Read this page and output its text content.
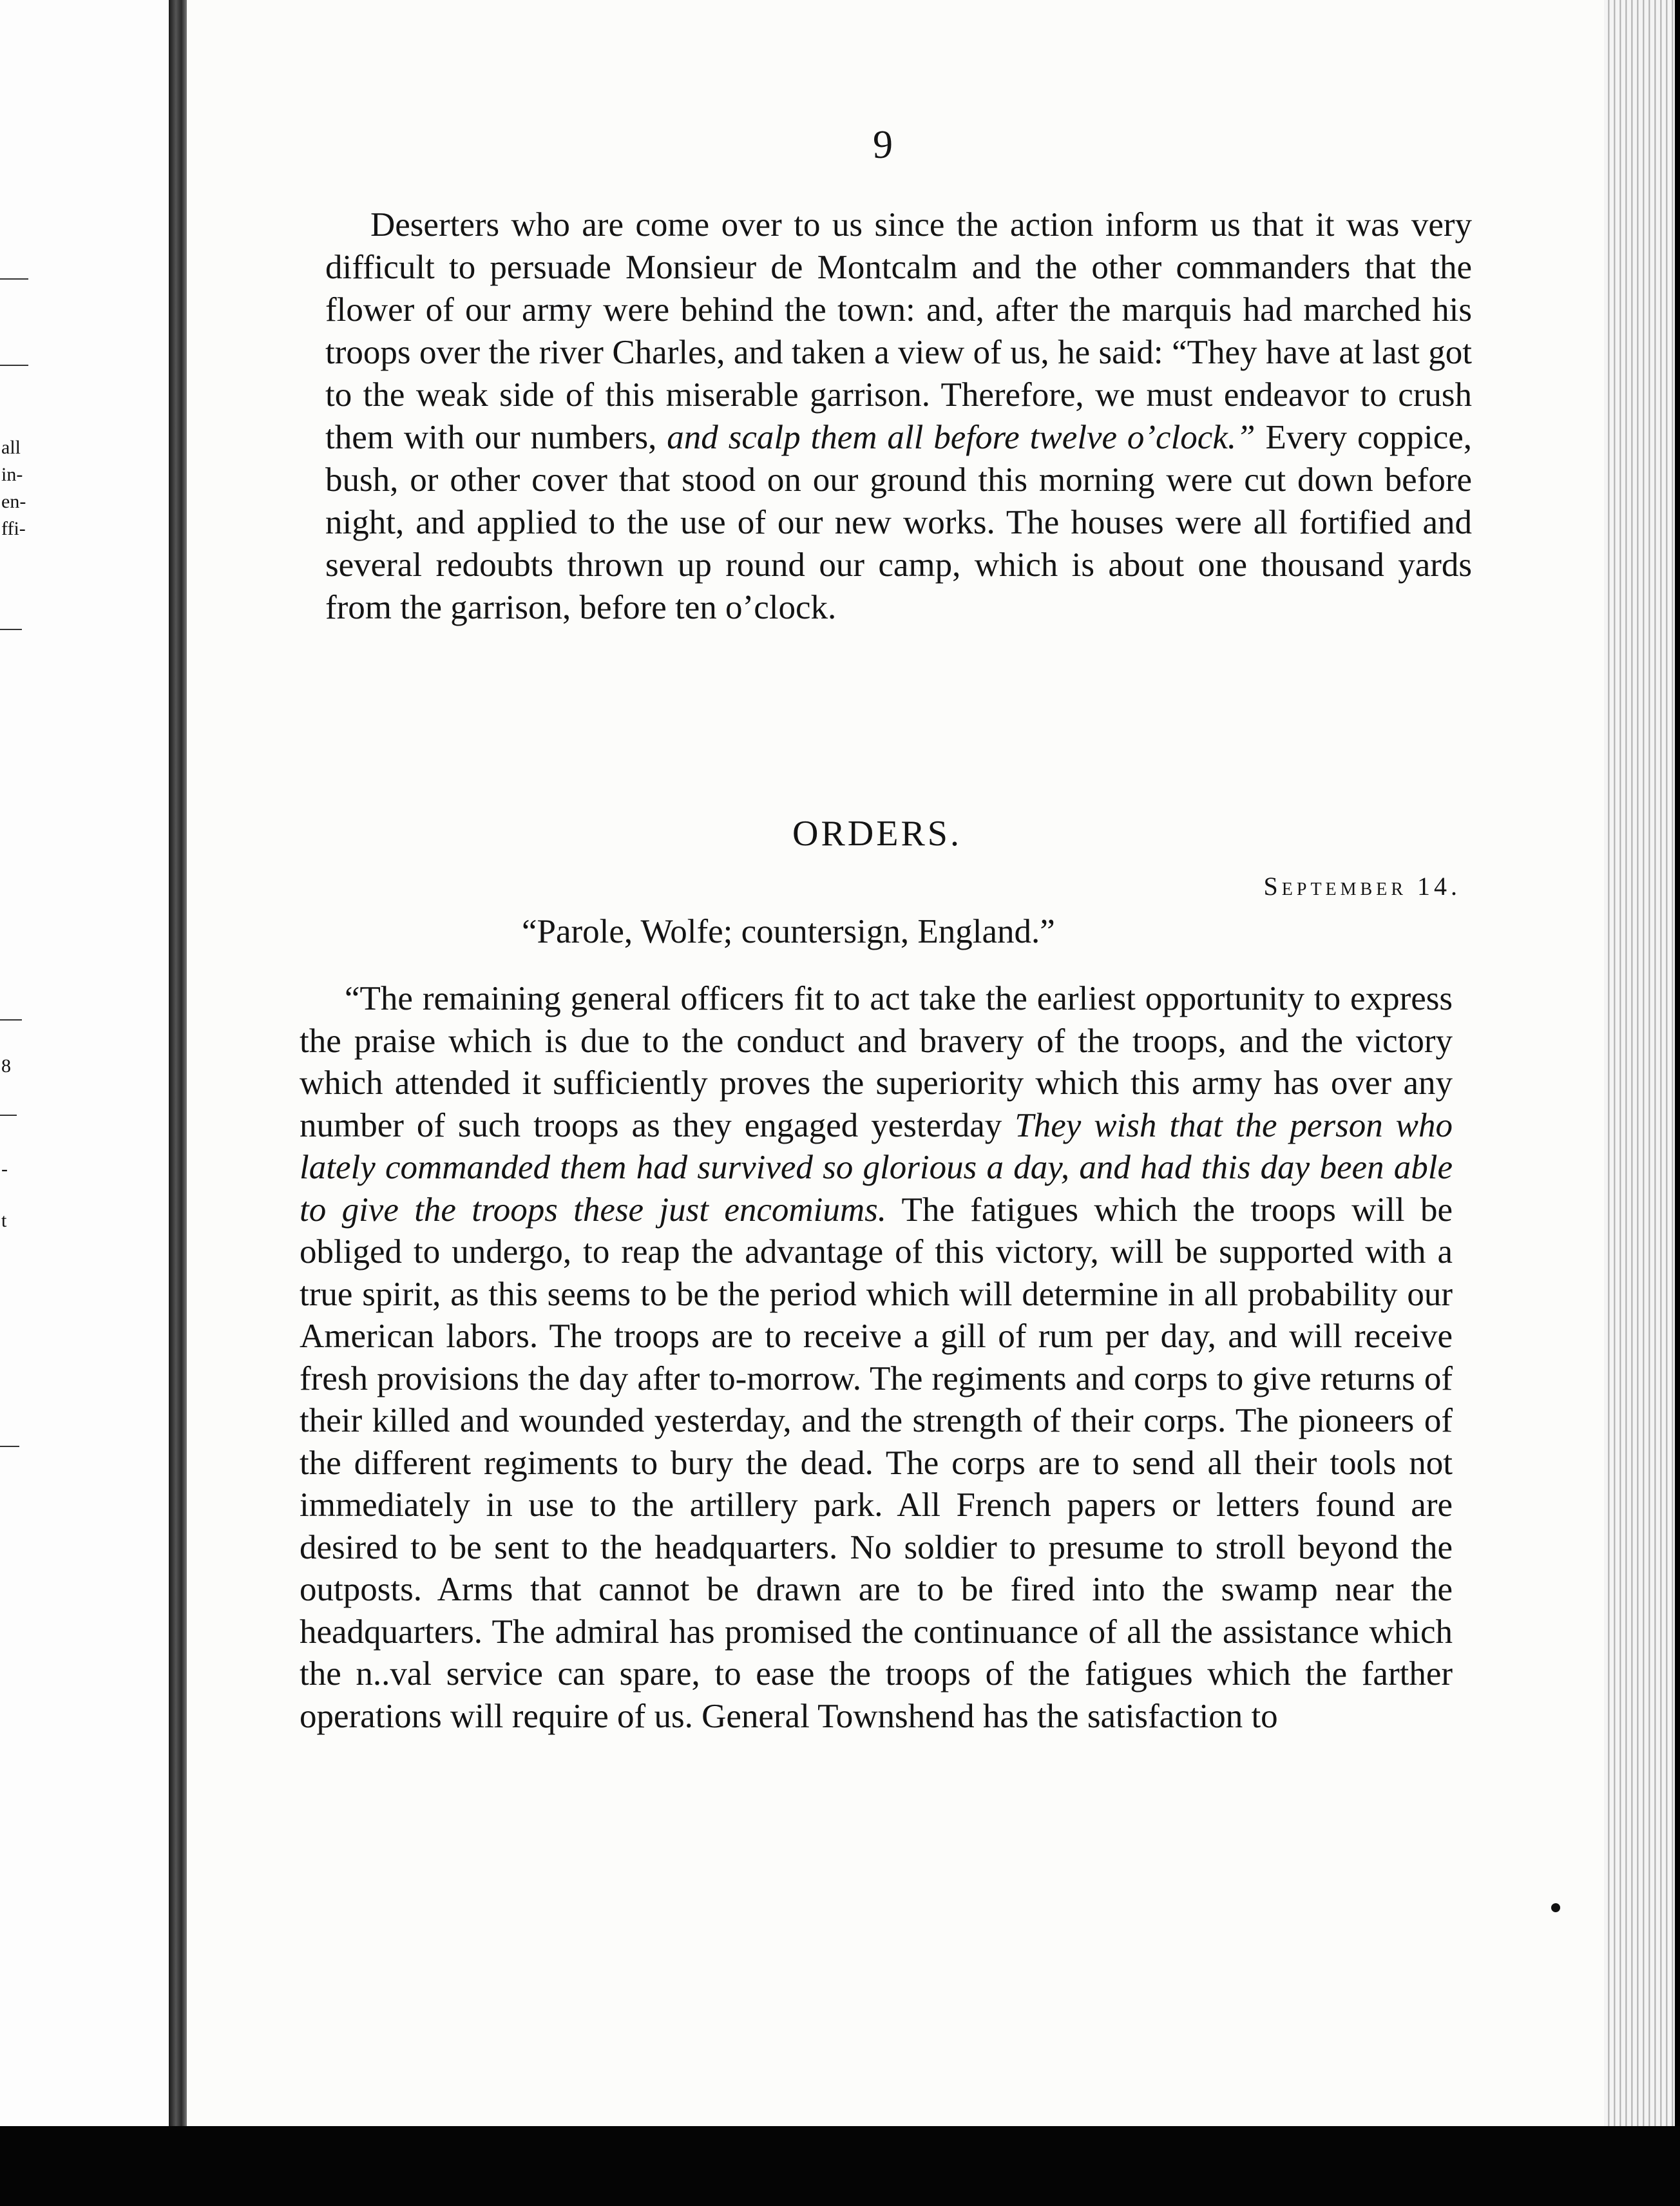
all
in-
en-
ffi-
8
-
t
9
Deserters who are come over to us since the action inform us that it was very difficult to persuade Monsieur de Montcalm and the other commanders that the flower of our army were behind the town: and, after the marquis had marched his troops over the river Charles, and taken a view of us, he said: “They have at last got to the weak side of this miserable garrison. Therefore, we must endeavor to crush them with our numbers, and scalp them all before twelve o’clock.” Every coppice, bush, or other cover that stood on our ground this morning were cut down before night, and applied to the use of our new works. The houses were all fortified and several redoubts thrown up round our camp, which is about one thousand yards from the garrison, before ten o’clock.
ORDERS.
September 14.
“Parole, Wolfe; countersign, England.”
“The remaining general officers fit to act take the earliest opportunity to express the praise which is due to the conduct and bravery of the troops, and the victory which attended it sufficiently proves the superiority which this army has over any number of such troops as they engaged yesterday They wish that the person who lately commanded them had survived so glorious a day, and had this day been able to give the troops these just encomiums. The fatigues which the troops will be obliged to undergo, to reap the advantage of this victory, will be supported with a true spirit, as this seems to be the period which will determine in all probability our American labors. The troops are to receive a gill of rum per day, and will receive fresh provisions the day after to-morrow. The regiments and corps to give returns of their killed and wounded yesterday, and the strength of their corps. The pioneers of the different regiments to bury the dead. The corps are to send all their tools not immediately in use to the artillery park. All French papers or letters found are desired to be sent to the headquarters. No soldier to presume to stroll beyond the outposts. Arms that cannot be drawn are to be fired into the swamp near the headquarters. The admiral has promised the continuance of all the assistance which the n..val service can spare, to ease the troops of the fatigues which the farther operations will require of us. General Townshend has the satisfaction to
